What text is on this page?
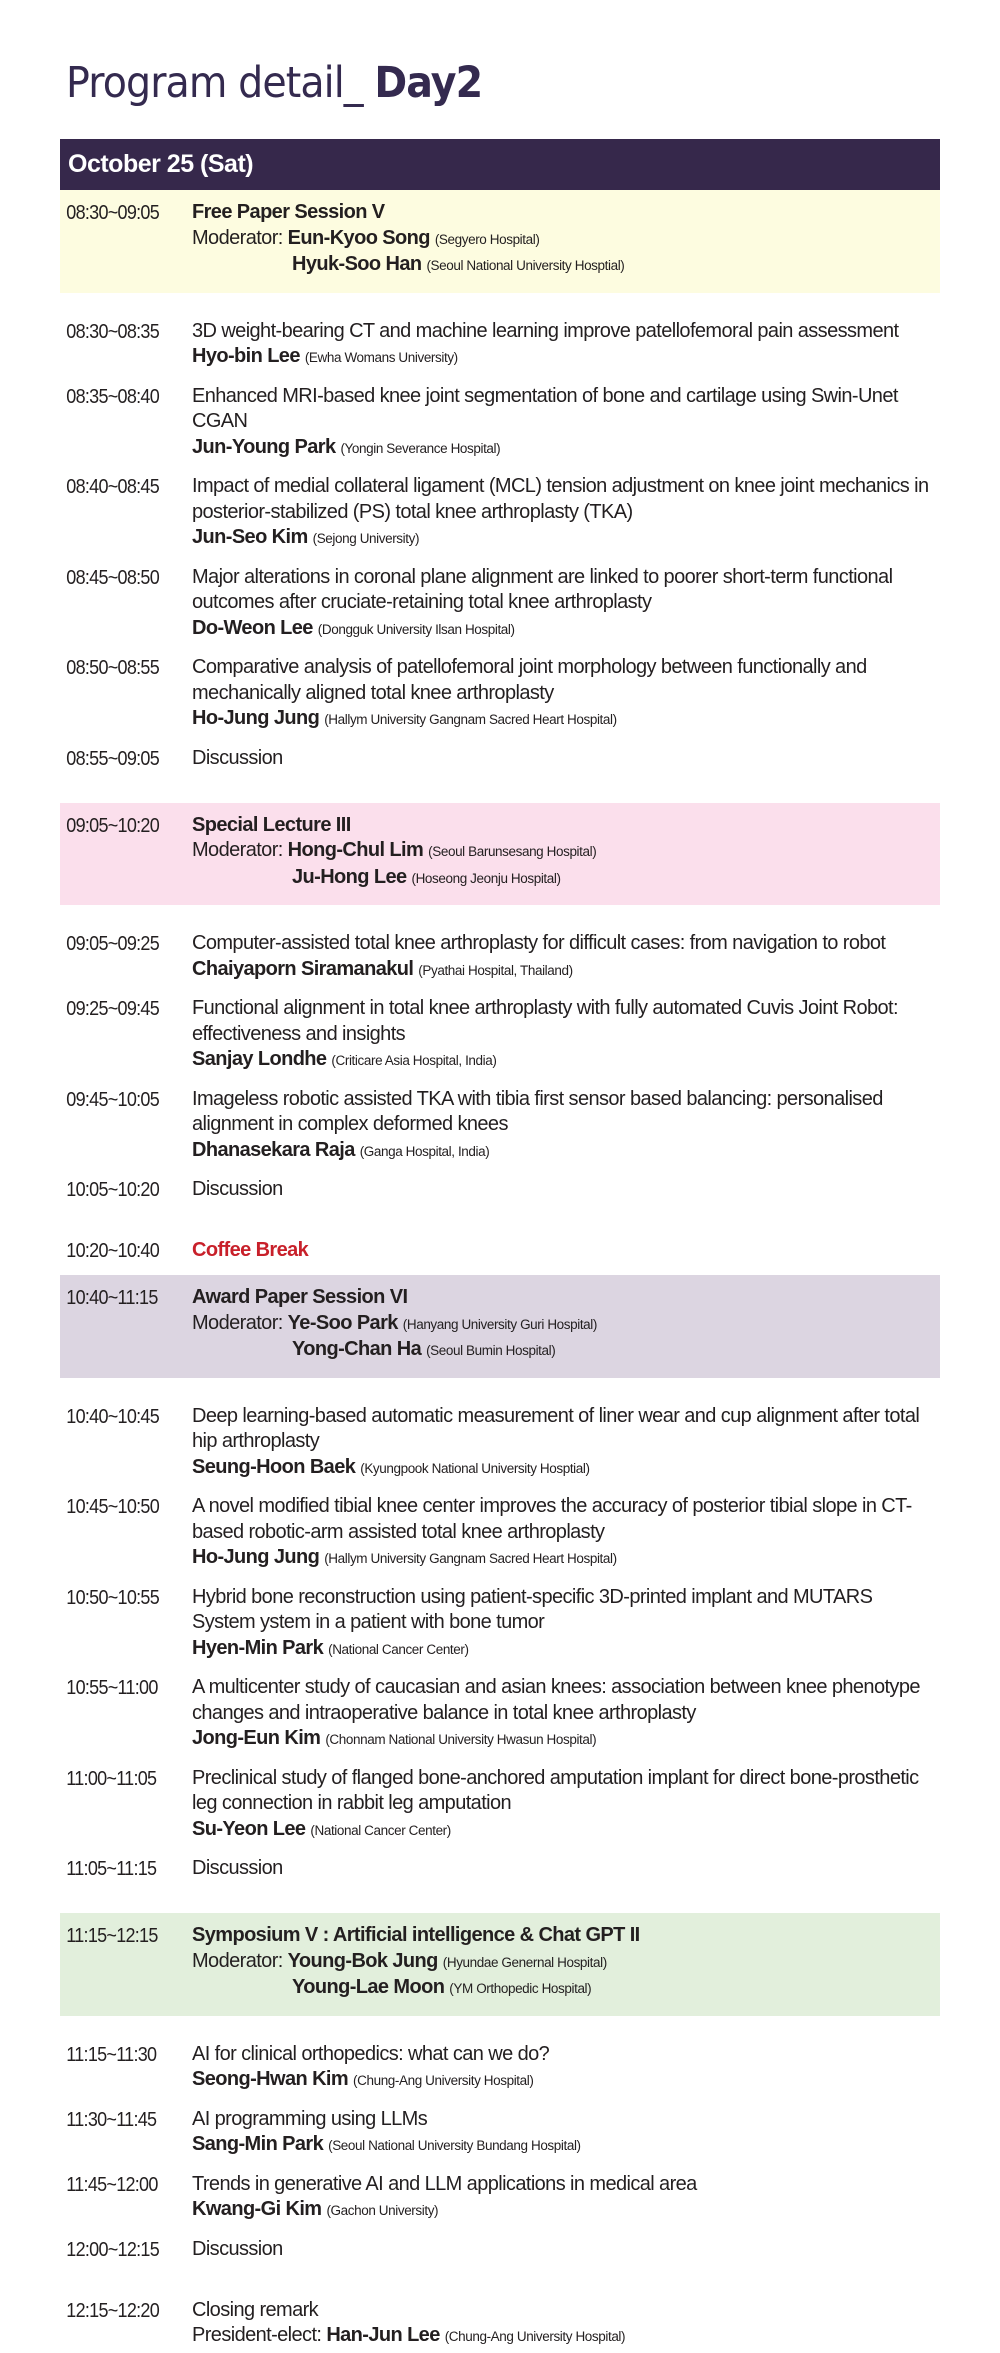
Program detail_ Day2
October 25 (Sat)
08:30~09:05	Free Paper Session V
Moderator: Eun-Kyoo Song (Segyero Hospital)
Hyuk-Soo Han (Seoul National University Hosptial)
08:30~08:35	3D weight-bearing CT and machine learning improve patellofemoral pain assessment
Hyo-bin Lee (Ewha Womans University)
08:35~08:40	Enhanced MRI-based knee joint segmentation of bone and cartilage using Swin-Unet CGAN
Jun-Young Park (Yongin Severance Hospital)
08:40~08:45	Impact of medial collateral ligament (MCL) tension adjustment on knee joint mechanics in posterior-stabilized (PS) total knee arthroplasty (TKA)
Jun-Seo Kim (Sejong University)
08:45~08:50	Major alterations in coronal plane alignment are linked to poorer short-term functional outcomes after cruciate-retaining total knee arthroplasty
Do-Weon Lee (Dongguk University Ilsan Hospital)
08:50~08:55	Comparative analysis of patellofemoral joint morphology between functionally and mechanically aligned total knee arthroplasty
Ho-Jung Jung (Hallym University Gangnam Sacred Heart Hospital)
08:55~09:05	Discussion
09:05~10:20	Special Lecture III
Moderator: Hong-Chul Lim (Seoul Barunsesang Hospital)
Ju-Hong Lee (Hoseong Jeonju Hospital)
09:05~09:25	Computer-assisted total knee arthroplasty for difficult cases: from navigation to robot
Chaiyaporn Siramanakul (Pyathai Hospital, Thailand)
09:25~09:45	Functional alignment in total knee arthroplasty with fully automated Cuvis Joint Robot: effectiveness and insights
Sanjay Londhe (Criticare Asia Hospital, India)
09:45~10:05	Imageless robotic assisted TKA with tibia first sensor based balancing: personalised alignment in complex deformed knees
Dhanasekara Raja (Ganga Hospital, India)
10:05~10:20	Discussion
10:20~10:40	Coffee Break
10:40~11:15	Award Paper Session VI
Moderator: Ye-Soo Park (Hanyang University Guri Hospital)
Yong-Chan Ha (Seoul Bumin Hospital)
10:40~10:45	Deep learning-based automatic measurement of liner wear and cup alignment after total hip arthroplasty
Seung-Hoon Baek (Kyungpook National University Hosptial)
10:45~10:50	A novel modified tibial knee center improves the accuracy of posterior tibial slope in CT-based robotic-arm assisted total knee arthroplasty
Ho-Jung Jung (Hallym University Gangnam Sacred Heart Hospital)
10:50~10:55	Hybrid bone reconstruction using patient-specific 3D-printed implant and MUTARS System ystem in a patient with bone tumor
Hyen-Min Park (National Cancer Center)
10:55~11:00	A multicenter study of caucasian and asian knees: association between knee phenotype changes and intraoperative balance in total knee arthroplasty
Jong-Eun Kim (Chonnam National University Hwasun Hospital)
11:00~11:05	Preclinical study of flanged bone-anchored amputation implant for direct bone-prosthetic leg connection in rabbit leg amputation
Su-Yeon Lee (National Cancer Center)
11:05~11:15	Discussion
11:15~12:15	Symposium V : Artificial intelligence & Chat GPT II
Moderator: Young-Bok Jung (Hyundae Genernal Hospital)
Young-Lae Moon (YM Orthopedic Hospital)
11:15~11:30	AI for clinical orthopedics: what can we do?
Seong-Hwan Kim (Chung-Ang University Hospital)
11:30~11:45	AI programming using LLMs
Sang-Min Park (Seoul National University Bundang Hospital)
11:45~12:00	Trends in generative AI and LLM applications in medical area
Kwang-Gi Kim (Gachon University)
12:00~12:15	Discussion
12:15~12:20	Closing remark
President-elect: Han-Jun Lee (Chung-Ang University Hospital)
